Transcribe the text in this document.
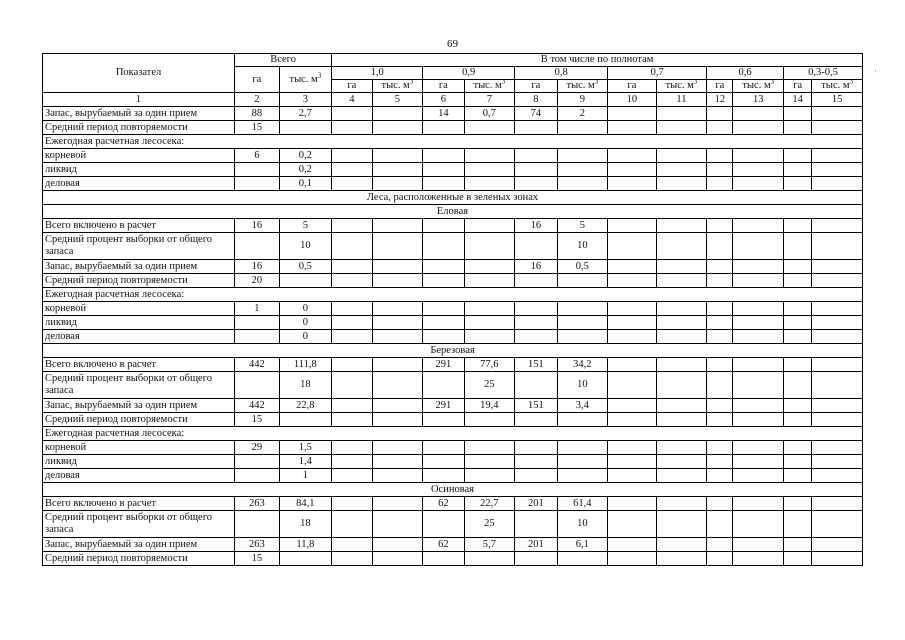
69
·
Показател	Всего		В том числе по полнотам											
	га	тыс. $м^3$	1,0		0,9		0,8		0,7		0,6		0,3-0,5	
			га	тыс. $м^3$	га	тыс. $м^3$	га	тыс. $м^3$	га	тыс. $м^3$	га	тыс. $м^3$	га	тыс. $м^3$
1	2	3	4	5	6	7	8	9	10	11	12	13	14	15
Запас, вырубаемый за один прием	88	2,7			14	0,7	74	2						
Средний период повторяемости	15													
Ежегодная расчетная лесосека:														
корневой	6	0,2												
ликвид		0,2												
деловая		0,1												
Леса, расположенные в зеленых зонах														
Еловая														
Всего включено в расчет	16	5					16	5						
Средний процент выборки от общего запаса		10						10						
Запас, вырубаемый за один прием	16	0,5					16	0,5						
Средний период повторяемости	20													
Ежегодная расчетная лесосека:														
корневой	1	0												
ликвид		0												
деловая		0												
Березовая														
Всего включено в расчет	442	111,8			291	77,6	151	34,2						
Средний процент выборки от общего запаса		18				25		10						
Запас, вырубаемый за один прием	442	22,8			291	19,4	151	3,4						
Средний период повторяемости	15													
Ежегодная расчетная лесосека:														
корневой	29	1,5												
ликвид		1,4												
деловая		1												
Осиновая														
Всего включено в расчет	263	84,1			62	22,7	201	61,4						
Средний процент выборки от общего запаса		18				25		10						
Запас, вырубаемый за один прием	263	11,8			62	5,7	201	6,1						
Средний период повторяемости	15													
